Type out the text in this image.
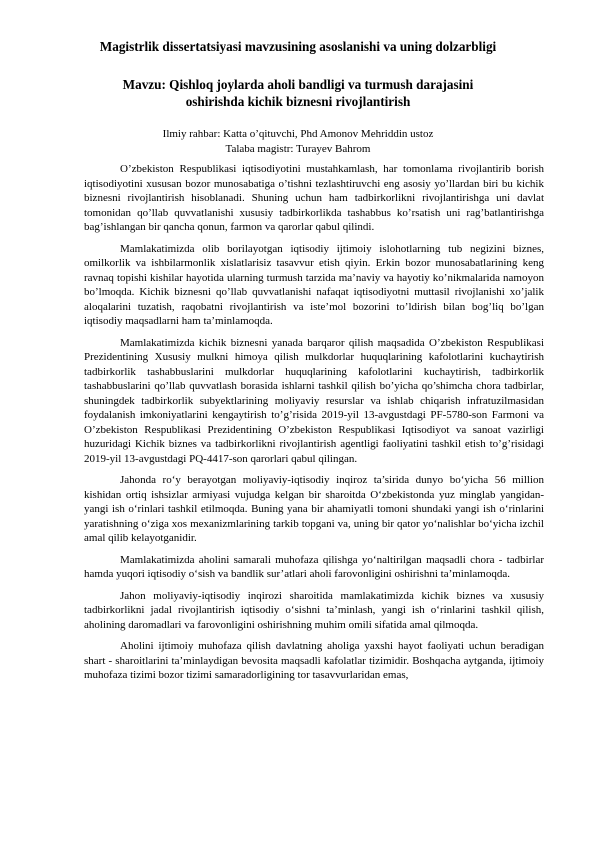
Magistrlik dissertatsiyasi mavzusining asoslanishi va uning dolzarbligi
Mavzu: Qishloq joylarda aholi bandligi va turmush darajasini oshirishda kichik biznesni rivojlantirish

Ilmiy rahbar: Katta o’qituvchi, Phd Amonov Mehriddin ustoz

Talaba magistr: Turayev Bahrom

O’zbekiston Respublikasi iqtisodiyotini mustahkamlash, har tomonlama rivojlantirib borish iqtisodiyotini xususan bozor munosabatiga o’tishni tezlashtiruvchi eng asosiy yo’llardan biri bu kichik biznesni rivojlantirish hisoblanadi. Shuning uchun ham tadbirkorlikni rivojlantirishga uni davlat tomonidan qo’llab quvvatlanishi xususiy tadbirkorlikda tashabbus ko’rsatish uni rag’batlantirishga bag’ishlangan bir qancha qonun, farmon va qarorlar qabul qilindi.

Mamlakatimizda olib borilayotgan iqtisodiy ijtimoiy islohotlarning tub negizini biznes, omilkorlik va ishbilarmonlik xislatlarisiz tasavvur etish qiyin. Erkin bozor munosabatlarining keng ravnaq topishi kishilar hayotida ularning turmush tarzida ma’naviy va hayotiy ko’nikmalarida namoyon bo’lmoqda. Kichik biznesni qo’llab quvvatlanishi nafaqat iqtisodiyotni muttasil rivojlanishi xo’jalik aloqalarini tuzatish, raqobatni rivojlantirish va iste’mol bozorini to’ldirish bilan bog’liq bo’lgan iqtisodiy maqsadlarni ham ta’minlamoqda.

Mamlakatimizda kichik biznesni yanada barqaror qilish maqsadida O’zbekiston Respublikasi Prezidentining Xususiy mulkni himoya qilish mulkdorlar huquqlarining kafolotlarini kuchaytirish tadbirkorlik tashabbuslarini mulkdorlar huquqlarining kafolotlarini kuchaytirish, tadbirkorlik tashabbuslarini qo’llab quvvatlash borasida ishlarni tashkil qilish bo’yicha qo’shimcha chora tadbirlar, shuningdek tadbirkorlik subyektlarining moliyaviy resurslar va ishlab chiqarish infratuzilmasidan foydalanish imkoniyatlarini kengaytirish to’g’risida 2019-yil 13-avgustdagi PF-5780-son Farmoni va O’zbekiston Respublikasi Prezidentining O’zbekiston Respublikasi Iqtisodiyot va sanoat vazirligi huzuridagi Kichik biznes va tadbirkorlikni rivojlantirish agentligi faoliyatini tashkil etish to’g’risidagi 2019-yil 13-avgustdagi PQ-4417-son qarorlari qabul qilingan.

Jahonda ro‘y berayotgan moliyaviy-iqtisodiy inqiroz ta’sirida dunyo bo‘yicha 56 million kishidan ortiq ishsizlar armiyasi vujudga kelgan bir sharoitda O‘zbekistonda yuz minglab yangidan-yangi ish o‘rinlari tashkil etilmoqda. Buning yana bir ahamiyatli tomoni shundaki yangi ish o‘rinlarini yaratishning o‘ziga xos mexanizmlarining tarkib topgani va, uning bir qator yo‘nalishlar bo‘yicha izchil amal qilib kelayotganidir.

Mamlakatimizda aholini samarali muhofaza qilishga yo‘naltirilgan maqsadli chora - tadbirlar hamda yuqori iqtisodiy o‘sish va bandlik sur’atlari aholi farovonligini oshirishni ta’minlamoqda.

Jahon moliyaviy-iqtisodiy inqirozi sharoitida mamlakatimizda kichik biznes va xususiy tadbirkorlikni jadal rivojlantirish iqtisodiy o‘sishni ta’minlash, yangi ish o‘rinlarini tashkil qilish, aholining daromadlari va farovonligini oshirishning muhim omili sifatida amal qilmoqda.

Aholini ijtimoiy muhofaza qilish davlatning aholiga yaxshi hayot faoliyati uchun beradigan shart - sharoitlarini ta’minlaydigan bevosita maqsadli kafolatlar tizimidir. Boshqacha aytganda, ijtimoiy muhofaza tizimi bozor tizimi samaradorligining tor tasavvurlaridan emas,
